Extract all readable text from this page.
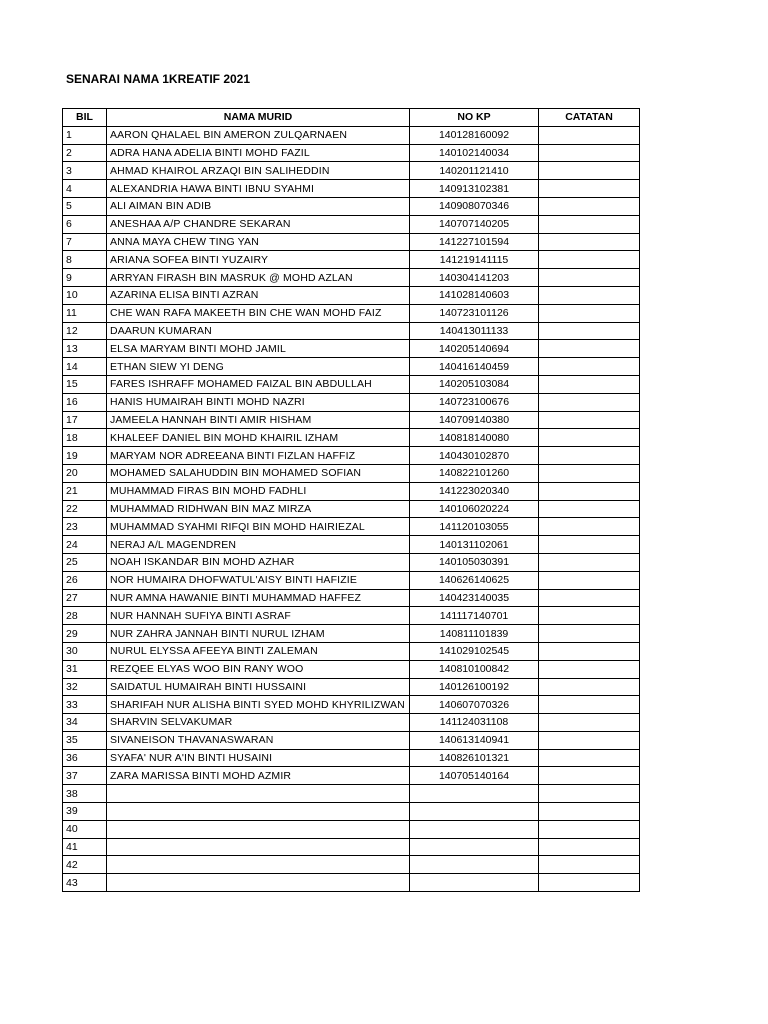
SENARAI NAMA 1KREATIF 2021
BIL	NAMA MURID	NO KP	CATATAN
1	AARON QHALAEL BIN AMERON ZULQARNAEN	140128160092	
2	ADRA HANA ADELIA BINTI MOHD FAZIL	140102140034	
3	AHMAD KHAIROL ARZAQI BIN SALIHEDDIN	140201121410	
4	ALEXANDRIA HAWA BINTI IBNU SYAHMI	140913102381	
5	ALI AIMAN BIN ADIB	140908070346	
6	ANESHAA A/P CHANDRE SEKARAN	140707140205	
7	ANNA MAYA CHEW TING YAN	141227101594	
8	ARIANA SOFEA BINTI YUZAIRY	141219141115	
9	ARRYAN FIRASH BIN MASRUK @ MOHD AZLAN	140304141203	
10	AZARINA ELISA BINTI AZRAN	141028140603	
11	CHE WAN RAFA MAKEETH BIN CHE WAN MOHD FAIZ	140723101126	
12	DAARUN KUMARAN	140413011133	
13	ELSA MARYAM BINTI MOHD JAMIL	140205140694	
14	ETHAN SIEW YI DENG	140416140459	
15	FARES ISHRAFF MOHAMED FAIZAL BIN ABDULLAH	140205103084	
16	HANIS HUMAIRAH BINTI MOHD NAZRI	140723100676	
17	JAMEELA HANNAH BINTI AMIR HISHAM	140709140380	
18	KHALEEF DANIEL BIN MOHD KHAIRIL IZHAM	140818140080	
19	MARYAM NOR ADREEANA BINTI FIZLAN HAFFIZ	140430102870	
20	MOHAMED SALAHUDDIN BIN MOHAMED SOFIAN	140822101260	
21	MUHAMMAD FIRAS BIN MOHD FADHLI	141223020340	
22	MUHAMMAD RIDHWAN BIN MAZ MIRZA	140106020224	
23	MUHAMMAD SYAHMI RIFQI BIN MOHD HAIRIEZAL	141120103055	
24	NERAJ A/L MAGENDREN	140131102061	
25	NOAH ISKANDAR BIN MOHD AZHAR	140105030391	
26	NOR HUMAIRA DHOFWATUL'AISY BINTI HAFIZIE	140626140625	
27	NUR AMNA HAWANIE BINTI MUHAMMAD HAFFEZ	140423140035	
28	NUR HANNAH SUFIYA BINTI ASRAF	141117140701	
29	NUR ZAHRA JANNAH BINTI NURUL IZHAM	140811101839	
30	NURUL ELYSSA AFEEYA BINTI ZALEMAN	141029102545	
31	REZQEE ELYAS WOO BIN RANY WOO	140810100842	
32	SAIDATUL HUMAIRAH BINTI HUSSAINI	140126100192	
33	SHARIFAH NUR ALISHA BINTI SYED MOHD KHYRILIZWAN	140607070326	
34	SHARVIN SELVAKUMAR	141124031108	
35	SIVANEISON THAVANASWARAN	140613140941	
36	SYAFA' NUR A'IN BINTI HUSAINI	140826101321	
37	ZARA MARISSA BINTI MOHD AZMIR	140705140164	
38			
39			
40			
41			
42			
43			
